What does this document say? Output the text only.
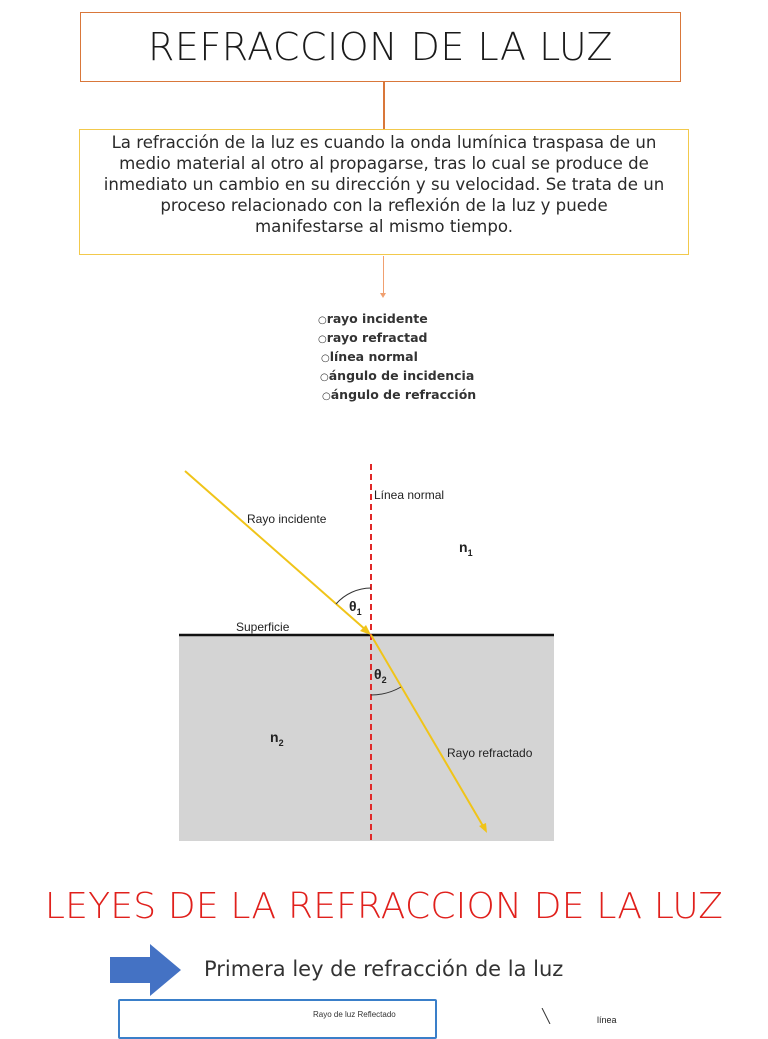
REFRACCION DE LA LUZ

La refracción de la luz es cuando la onda lumínica traspasa de un
medio material al otro al propagarse, tras lo cual se produce de
inmediato un cambio en su dirección y su velocidad. Se trata de un
proceso relacionado con la reflexión de la luz y puede
manifestarse al mismo tiempo.

○rayo incidente
○rayo refractad
○línea normal
○ángulo de incidencia
○ángulo de refracción
Línea normal
Rayo incidente
Superficie
Rayo refractado
$\theta_1$
$\theta_2$
$n_1$
$n_2$
LEYES DE LA REFRACCION DE LA LUZ
Primera ley de refracción de la luz
Rayo de luz Reflectado
línea
